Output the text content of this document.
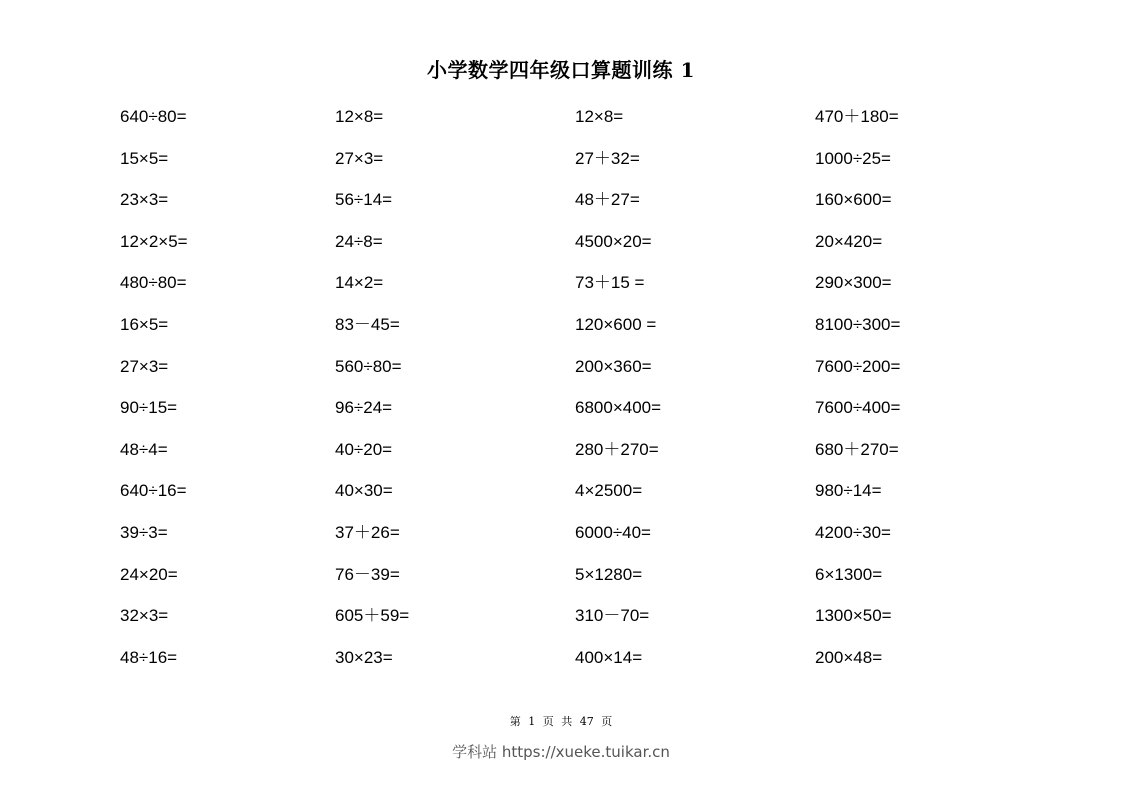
小学数学四年级口算题训练 1
640÷80=	12×8=	12×8=	470＋180=
15×5=	27×3=	27＋32=	1000÷25=
23×3=	56÷14=	48＋27=	160×600=
12×2×5=	24÷8=	4500×20=	20×420=
480÷80=	14×2=	73＋15 =	290×300=
16×5=	83－45=	120×600 =	8100÷300=
27×3=	560÷80=	200×360=	7600÷200=
90÷15=	96÷24=	6800×400=	7600÷400=
48÷4=	40÷20=	280＋270=	680＋270=
640÷16=	40×30=	4×2500=	980÷14=
39÷3=	37＋26=	6000÷40=	4200÷30=
24×20=	76－39=	5×1280=	6×1300=
32×3=	605＋59=	310－70=	1300×50=
48÷16=	30×23=	400×14=	200×48=
第 1 页 共 47 页
学科站 https://xueke.tuikar.cn
